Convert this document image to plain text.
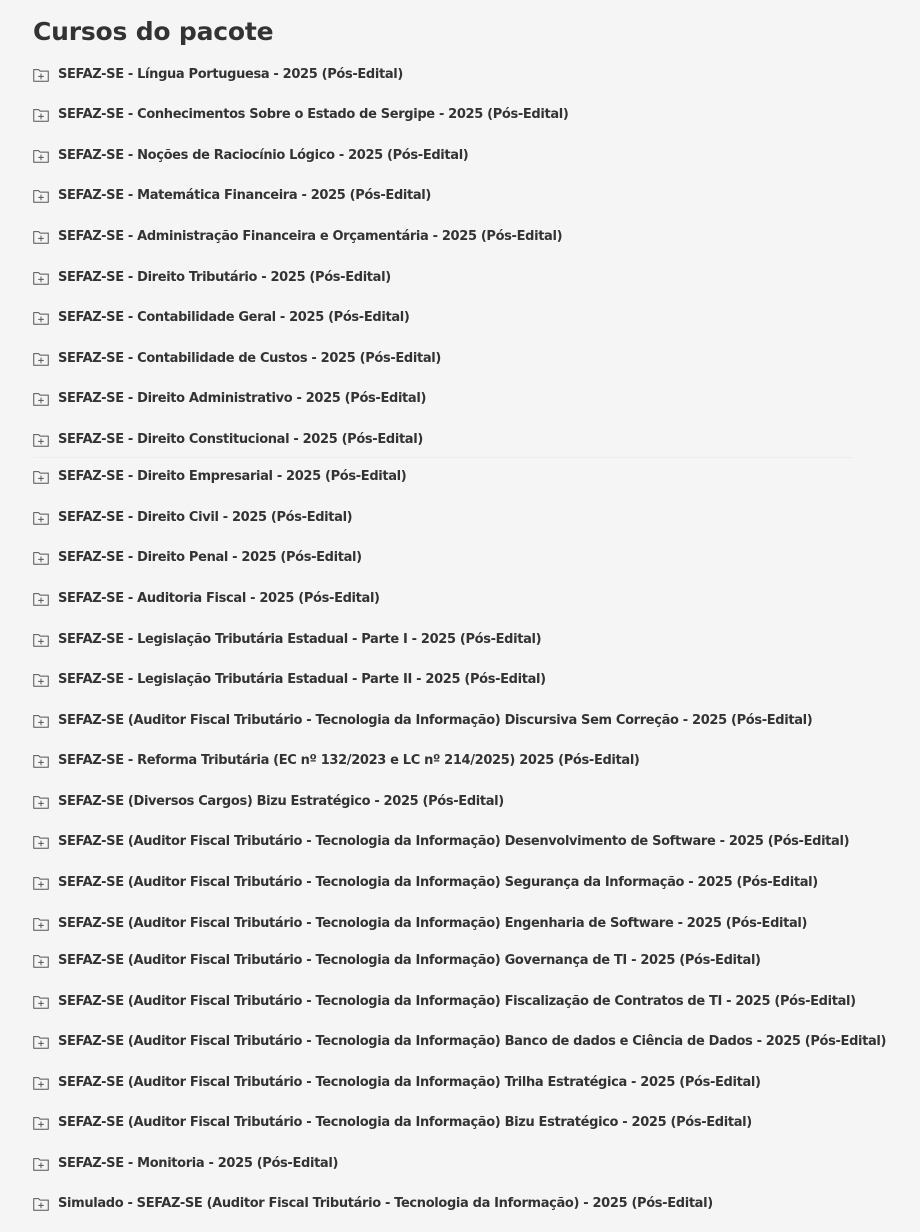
Cursos do pacote
SEFAZ-SE - Língua Portuguesa - 2025 (Pós-Edital)
SEFAZ-SE - Conhecimentos Sobre o Estado de Sergipe - 2025 (Pós-Edital)
SEFAZ-SE - Noções de Raciocínio Lógico - 2025 (Pós-Edital)
SEFAZ-SE - Matemática Financeira - 2025 (Pós-Edital)
SEFAZ-SE - Administração Financeira e Orçamentária - 2025 (Pós-Edital)
SEFAZ-SE - Direito Tributário - 2025 (Pós-Edital)
SEFAZ-SE - Contabilidade Geral - 2025 (Pós-Edital)
SEFAZ-SE - Contabilidade de Custos - 2025 (Pós-Edital)
SEFAZ-SE - Direito Administrativo - 2025 (Pós-Edital)
SEFAZ-SE - Direito Constitucional - 2025 (Pós-Edital)
SEFAZ-SE - Direito Empresarial - 2025 (Pós-Edital)
SEFAZ-SE - Direito Civil - 2025 (Pós-Edital)
SEFAZ-SE - Direito Penal - 2025 (Pós-Edital)
SEFAZ-SE - Auditoria Fiscal - 2025 (Pós-Edital)
SEFAZ-SE - Legislação Tributária Estadual - Parte I - 2025 (Pós-Edital)
SEFAZ-SE - Legislação Tributária Estadual - Parte II - 2025 (Pós-Edital)
SEFAZ-SE (Auditor Fiscal Tributário - Tecnologia da Informação) Discursiva Sem Correção - 2025 (Pós-Edital)
SEFAZ-SE - Reforma Tributária (EC nº 132/2023 e LC nº 214/2025) 2025 (Pós-Edital)
SEFAZ-SE (Diversos Cargos) Bizu Estratégico - 2025 (Pós-Edital)
SEFAZ-SE (Auditor Fiscal Tributário - Tecnologia da Informação) Desenvolvimento de Software - 2025 (Pós-Edital)
SEFAZ-SE (Auditor Fiscal Tributário - Tecnologia da Informação) Segurança da Informação - 2025 (Pós-Edital)
SEFAZ-SE (Auditor Fiscal Tributário - Tecnologia da Informação) Engenharia de Software - 2025 (Pós-Edital)
SEFAZ-SE (Auditor Fiscal Tributário - Tecnologia da Informação) Governança de TI - 2025 (Pós-Edital)
SEFAZ-SE (Auditor Fiscal Tributário - Tecnologia da Informação) Fiscalização de Contratos de TI - 2025 (Pós-Edital)
SEFAZ-SE (Auditor Fiscal Tributário - Tecnologia da Informação) Banco de dados e Ciência de Dados - 2025 (Pós-Edital)
SEFAZ-SE (Auditor Fiscal Tributário - Tecnologia da Informação) Trilha Estratégica - 2025 (Pós-Edital)
SEFAZ-SE (Auditor Fiscal Tributário - Tecnologia da Informação) Bizu Estratégico - 2025 (Pós-Edital)
SEFAZ-SE - Monitoria - 2025 (Pós-Edital)
Simulado - SEFAZ-SE (Auditor Fiscal Tributário - Tecnologia da Informação) - 2025 (Pós-Edital)
